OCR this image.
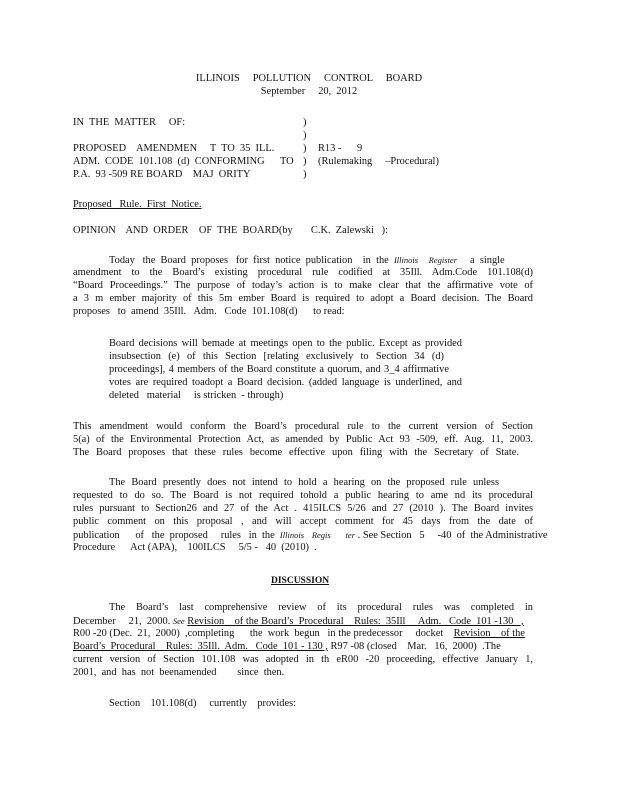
ILLINOIS     POLLUTION     CONTROL     BOARD
September     20,  2012
IN  THE  MATTER     OF:
PROPOSED    AMENDMEN     T  TO  35  ILL.
ADM.  CODE  101.108  (d)  CONFORMING TO
P.A.  93 -509 RE BOARD    MAJ  ORITY
)
)
)
)
)
R13 -      9
(Rulemaking     –Procedural)
Proposed   Rule.  First  Notice.
OPINION    AND  ORDER    OF  THE  BOARD(by       C.K.  Zalewski   ):
Today   the  Board  proposes   for  first  notice  publication    in  the Illinois     Register a  single
amendment to the Board’s existing procedural rule codified at 35Ill. Adm.Code 101.108(d)
“Board Proceedings.” The purpose of today’s action is to make clear that the affirmative vote of
a 3 m ember majority of this 5m ember Board is required to adopt a Board decision. The Board
proposes   to  amend  35Ill.   Adm.   Code  101.108(d)      to read:
Board decisions will bemade at meetings open to the public. Except as provided
insubsection (e) of this Section [relating exclusively to Section 34 (d)
proceedings], 4 members of the Board constitute a quorum, and 3_4 affirmative
votes are required toadopt a Board decision. (added language is underlined, and
deleted   material     is stricken  - through)
This amendment would conform the Board’s procedural rule to the current version of Section
5(a) of the Environmental Protection Act, as amended by Public Act 93 -509, eff. Aug. 11, 2003.
The Board proposes that these rules become effective upon filing with the Secretary of State.
The Board presently does not intend to hold a hearing on the proposed rule unless
requested to do so. The Board is not required tohold a public hearing to ame nd its procedural
rules pursuant to Section26 and 27 of the Act . 415ILCS 5/26 and 27 (2010 ). The Board invites
public comment on this proposal , and will accept comment for 45 days from the date of
publication      of   the  proposed     rules   in  the Illinois Regis       ter . See Section   5     -40  of  the Administrative
Procedure      Act (APA),    100ILCS     5/5 -   40  (2010)  .
DISCUSSION
The Board’s last comprehensive review of its procedural rules was completed in
December     21,  2000. See Revision    of the Board’s  Procedural    Rules:  35Ill     Adm.   Code  101 -130   ,
R00 -20 (Dec.  21,  2000)  ,completing      the  work  begun   in the predecessor     docket Revision    of the
Board’s  Procedural    Rules:  35Ill.  Adm.   Code  101 - 130 , R97 -08 (closed    Mar.   16,  2000)  .The
current version of Section 101.108 was adopted in th eR00 -20 proceeding, effective January 1,
2001,  and  has  not  beenamended        since  then.
Section    101.108(d)     currently    provides:
